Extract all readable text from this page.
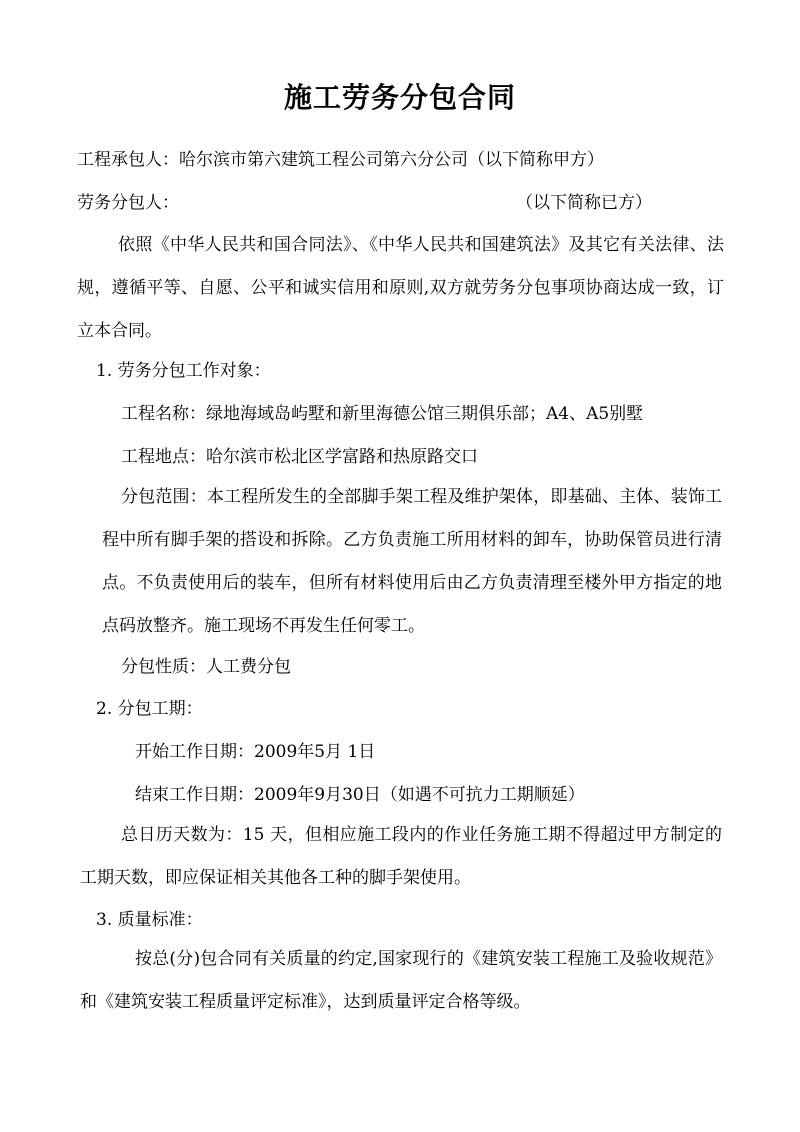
施工劳务分包合同
工程承包人：哈尔滨市第六建筑工程公司第六分公司（以下简称甲方）
劳务分包人：	（以下简称已方）
依照《中华人民共和国合同法》、《中华人民共和国建筑法》及其它有关法律、法规，遵循平等、自愿、公平和诚实信用和原则,双方就劳务分包事项协商达成一致，订立本合同。
1. 劳务分包工作对象：
工程名称：绿地海域岛屿墅和新里海德公馆三期俱乐部；A4、A5别墅
工程地点：哈尔滨市松北区学富路和热原路交口
分包范围：本工程所发生的全部脚手架工程及维护架体，即基础、主体、装饰工程中所有脚手架的搭设和拆除。乙方负责施工所用材料的卸车，协助保管员进行清点。不负责使用后的装车，但所有材料使用后由乙方负责清理至楼外甲方指定的地点码放整齐。施工现场不再发生任何零工。
分包性质：人工费分包
2. 分包工期：
开始工作日期：2009年5月 1日
结束工作日期：2009年9月30日（如遇不可抗力工期顺延）
总日历天数为：15 天，但相应施工段内的作业任务施工期不得超过甲方制定的工期天数，即应保证相关其他各工种的脚手架使用。
3. 质量标准：
按总(分)包合同有关质量的约定,国家现行的《建筑安装工程施工及验收规范》和《建筑安装工程质量评定标准》，达到质量评定合格等级。
